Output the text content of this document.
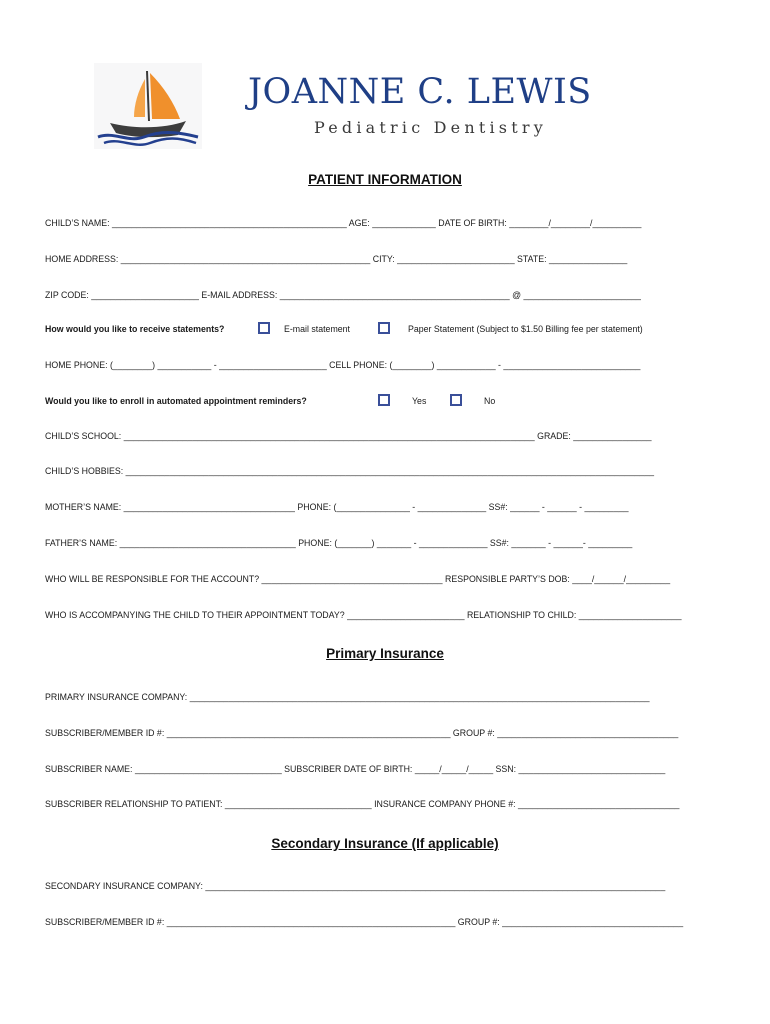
JOANNE C. LEWIS
Pediatric Dentistry
PATIENT INFORMATION
CHILD’S NAME: ________________________________________________ AGE: _____________ DATE OF BIRTH: ________/________/__________
HOME ADDRESS: ___________________________________________________ CITY: ________________________ STATE: ________________
ZIP CODE: ______________________ E-MAIL ADDRESS: _______________________________________________ @ ________________________
How would you like to receive statements?	E-mail statement	Paper Statement (Subject to $1.50 Billing fee per statement)
HOME PHONE: (________) ___________ - ______________________ CELL PHONE: (________) ____________ - ____________________________
Would you like to enroll in automated appointment reminders?	Yes	No
CHILD’S SCHOOL: ____________________________________________________________________________________ GRADE: ________________
CHILD’S HOBBIES: ____________________________________________________________________________________________________________
MOTHER’S NAME: ___________________________________ PHONE: (_______________ - ______________ SS#: ______ - ______ - _________
FATHER’S NAME: ____________________________________ PHONE: (_______) _______ - ______________ SS#: _______ - ______- _________
WHO WILL BE RESPONSIBLE FOR THE ACCOUNT? _____________________________________ RESPONSIBLE PARTY’S DOB: ____/______/_________
WHO IS ACCOMPANYING THE CHILD TO THEIR APPOINTMENT TODAY? ________________________ RELATIONSHIP TO CHILD: _____________________
Primary Insurance
PRIMARY INSURANCE COMPANY: ______________________________________________________________________________________________
SUBSCRIBER/MEMBER ID #: __________________________________________________________ GROUP #: _____________________________________
SUBSCRIBER NAME: ______________________________ SUBSCRIBER DATE OF BIRTH: _____/_____/_____ SSN: ______________________________
SUBSCRIBER RELATIONSHIP TO PATIENT: ______________________________ INSURANCE COMPANY PHONE #: _________________________________
Secondary Insurance (If applicable)
SECONDARY INSURANCE COMPANY: ______________________________________________________________________________________________
SUBSCRIBER/MEMBER ID #: ___________________________________________________________ GROUP #: _____________________________________
